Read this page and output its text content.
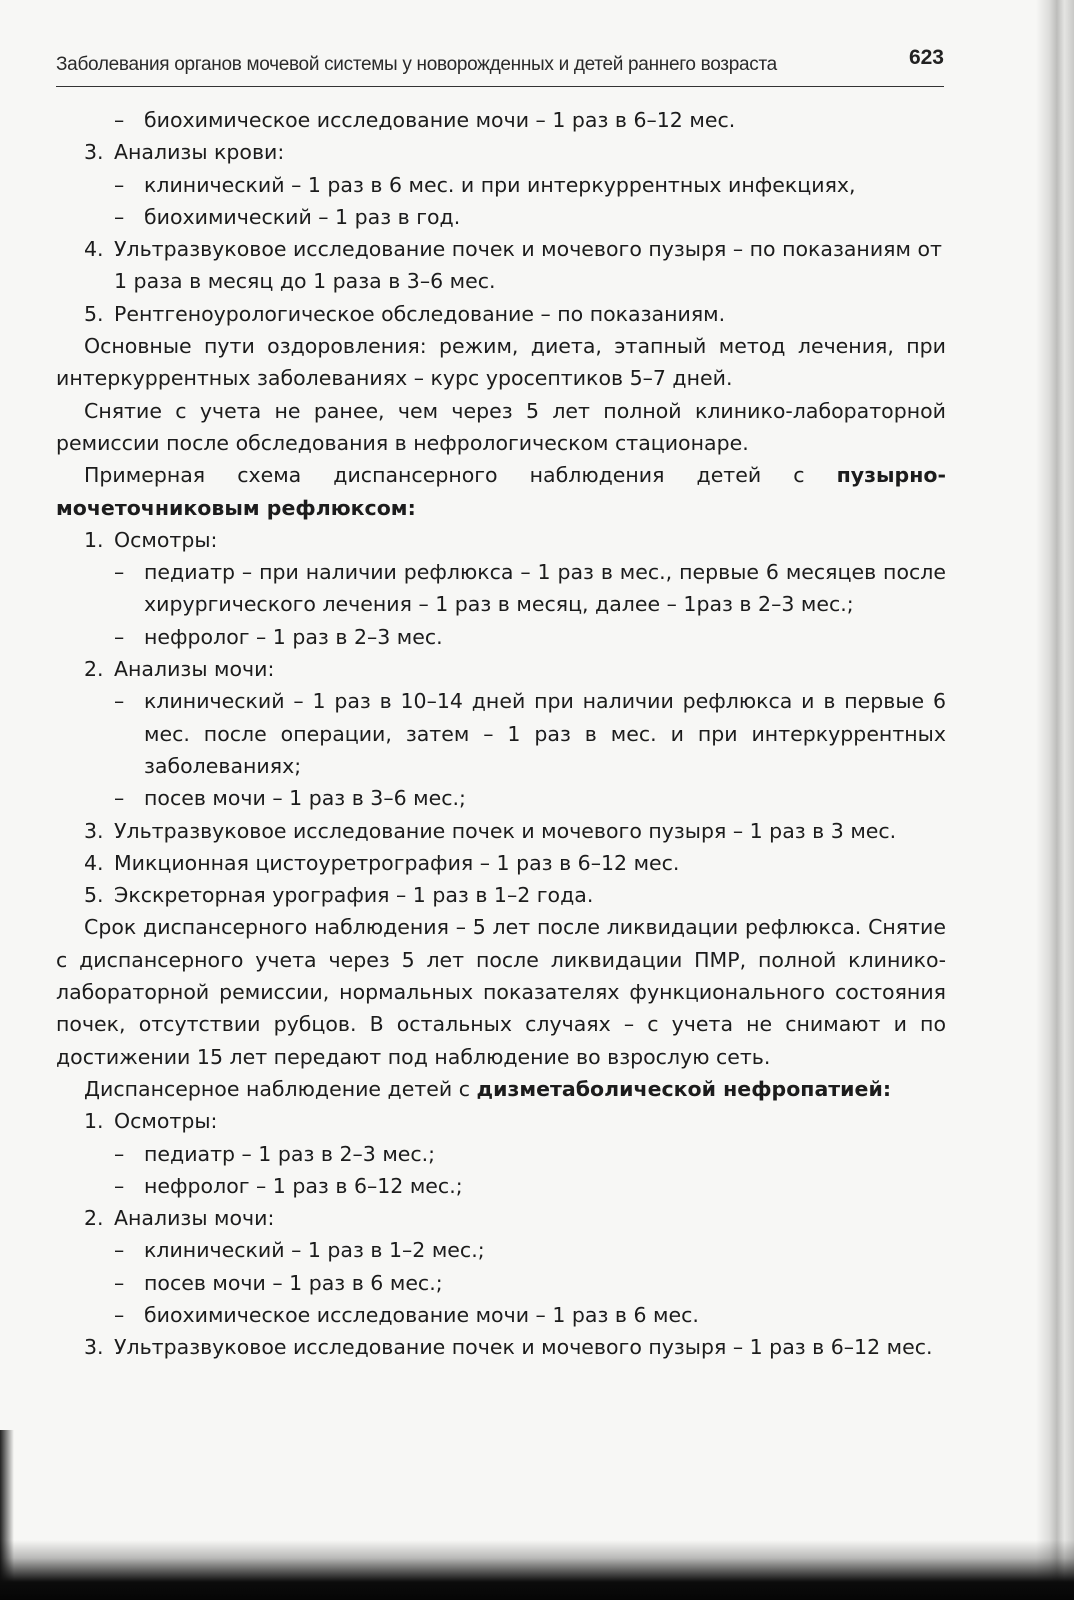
Заболевания органов мочевой системы у новорожденных и детей раннего возраста	623

– биохимическое исследование мочи – 1 раз в 6–12 мес.

3. Анализы крови:

– клинический – 1 раз в 6 мес. и при интеркуррентных инфекциях,

– биохимический – 1 раз в год.

4. Ультразвуковое исследование почек и мочевого пузыря – по показаниям от 1 раза в месяц до 1 раза в 3–6 мес.

5. Рентгеноурологическое обследование – по показаниям.

Основные пути оздоровления: режим, диета, этапный метод лечения, при интеркуррентных заболеваниях – курс уросептиков 5–7 дней.

Снятие с учета не ранее, чем через 5 лет полной клинико-лабораторной ремиссии после обследования в нефрологическом стационаре.

Примерная схема диспансерного наблюдения детей с пузырно-мочеточниковым рефлюксом:

1. Осмотры:

– педиатр – при наличии рефлюкса – 1 раз в мес., первые 6 месяцев после хирургического лечения – 1 раз в месяц, далее – 1раз в 2–3 мес.;

– нефролог – 1 раз в 2–3 мес.

2. Анализы мочи:

– клинический – 1 раз в 10–14 дней при наличии рефлюкса и в первые 6 мес. после операции, затем – 1 раз в мес. и при интеркуррентных заболеваниях;

– посев мочи – 1 раз в 3–6 мес.;

3. Ультразвуковое исследование почек и мочевого пузыря – 1 раз в 3 мес.

4. Микционная цистоуретрография – 1 раз в 6–12 мес.

5. Экскреторная урография – 1 раз в 1–2 года.

Срок диспансерного наблюдения – 5 лет после ликвидации рефлюкса. Снятие с диспансерного учета через 5 лет после ликвидации ПМР, полной клинико-лабораторной ремиссии, нормальных показателях функционального состояния почек, отсутствии рубцов. В остальных случаях – с учета не снимают и по достижении 15 лет передают под наблюдение во взрослую сеть.

Диспансерное наблюдение детей с дизметаболической нефропатией:

1. Осмотры:

– педиатр – 1 раз в 2–3 мес.;

– нефролог – 1 раз в 6–12 мес.;

2. Анализы мочи:

– клинический – 1 раз в 1–2 мес.;

– посев мочи – 1 раз в 6 мес.;

– биохимическое исследование мочи – 1 раз в 6 мес.

3. Ультразвуковое исследование почек и мочевого пузыря – 1 раз в 6–12 мес.
